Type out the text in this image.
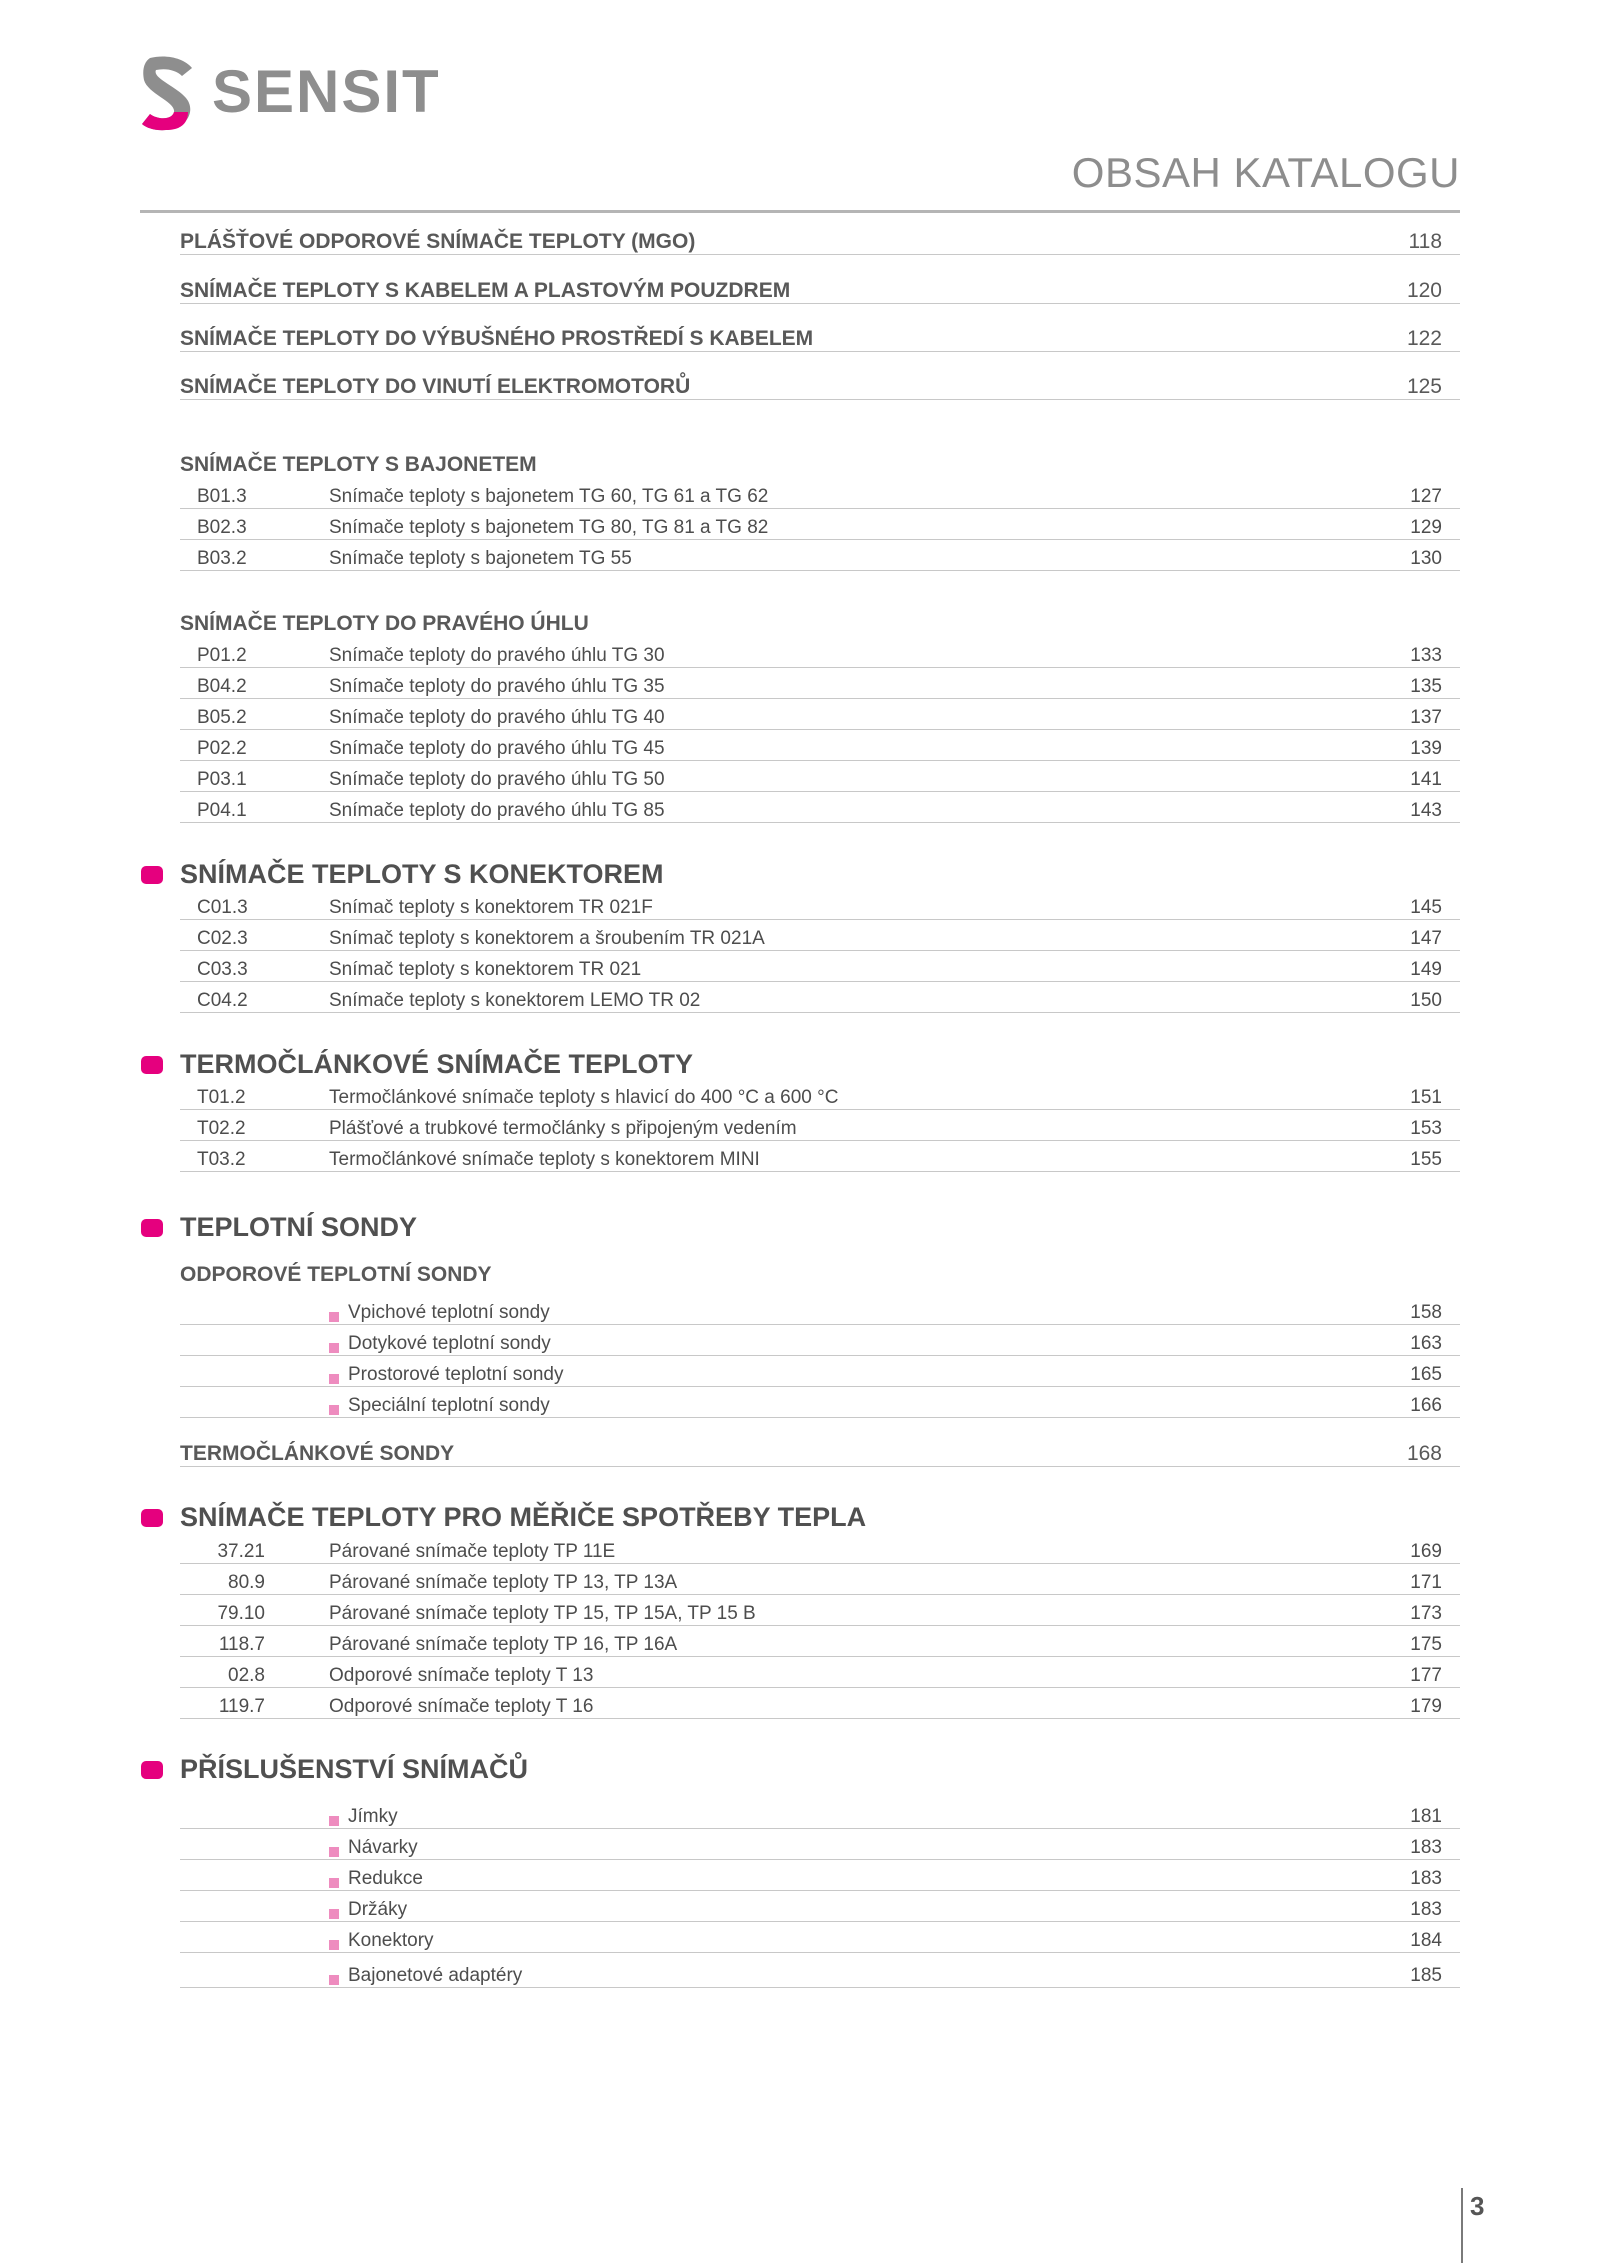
SENSIT
OBSAH KATALOGU
PLÁŠŤOVÉ ODPOROVÉ SNÍMAČE TEPLOTY (MGO)	118
SNÍMAČE TEPLOTY S KABELEM A PLASTOVÝM POUZDREM	120
SNÍMAČE TEPLOTY DO VÝBUŠNÉHO PROSTŘEDÍ S KABELEM	122
SNÍMAČE TEPLOTY DO VINUTÍ ELEKTROMOTORŮ	125
SNÍMAČE TEPLOTY S BAJONETEM
B01.3	Snímače teploty s bajonetem TG 60, TG 61 a TG 62	127
B02.3	Snímače teploty s bajonetem TG 80, TG 81 a TG 82	129
B03.2	Snímače teploty s bajonetem TG 55	130
SNÍMAČE TEPLOTY DO PRAVÉHO ÚHLU
P01.2	Snímače teploty do pravého úhlu TG 30	133
B04.2	Snímače teploty do pravého úhlu TG 35	135
B05.2	Snímače teploty do pravého úhlu TG 40	137
P02.2	Snímače teploty do pravého úhlu TG 45	139
P03.1	Snímače teploty do pravého úhlu TG 50	141
P04.1	Snímače teploty do pravého úhlu TG 85	143
SNÍMAČE TEPLOTY S KONEKTOREM
C01.3	Snímač teploty s konektorem TR 021F	145
C02.3	Snímač teploty s konektorem a šroubením TR 021A	147
C03.3	Snímač teploty s konektorem TR 021	149
C04.2	Snímače teploty s konektorem LEMO TR 02	150
TERMOČLÁNKOVÉ SNÍMAČE TEPLOTY
T01.2	Termočlánkové snímače teploty s hlavicí do 400 °C a 600 °C	151
T02.2	Plášťové a trubkové termočlánky s připojeným vedením	153
T03.2	Termočlánkové snímače teploty s konektorem MINI	155
TEPLOTNÍ SONDY
ODPOROVÉ TEPLOTNÍ SONDY
Vpichové teplotní sondy	158
Dotykové teplotní sondy	163
Prostorové teplotní sondy	165
Speciální teplotní sondy	166
TERMOČLÁNKOVÉ SONDY	168
SNÍMAČE TEPLOTY PRO MĚŘIČE SPOTŘEBY TEPLA
37.21	Párované snímače teploty TP 11E	169
80.9	Párované snímače teploty TP 13, TP 13A	171
79.10	Párované snímače teploty TP 15, TP 15A, TP 15 B	173
118.7	Párované snímače teploty TP 16, TP 16A	175
02.8	Odporové snímače teploty T 13	177
119.7	Odporové snímače teploty T 16	179
PŘÍSLUŠENSTVÍ SNÍMAČŮ
Jímky	181
Návarky	183
Redukce	183
Držáky	183
Konektory	184
Bajonetové adaptéry	185
3
